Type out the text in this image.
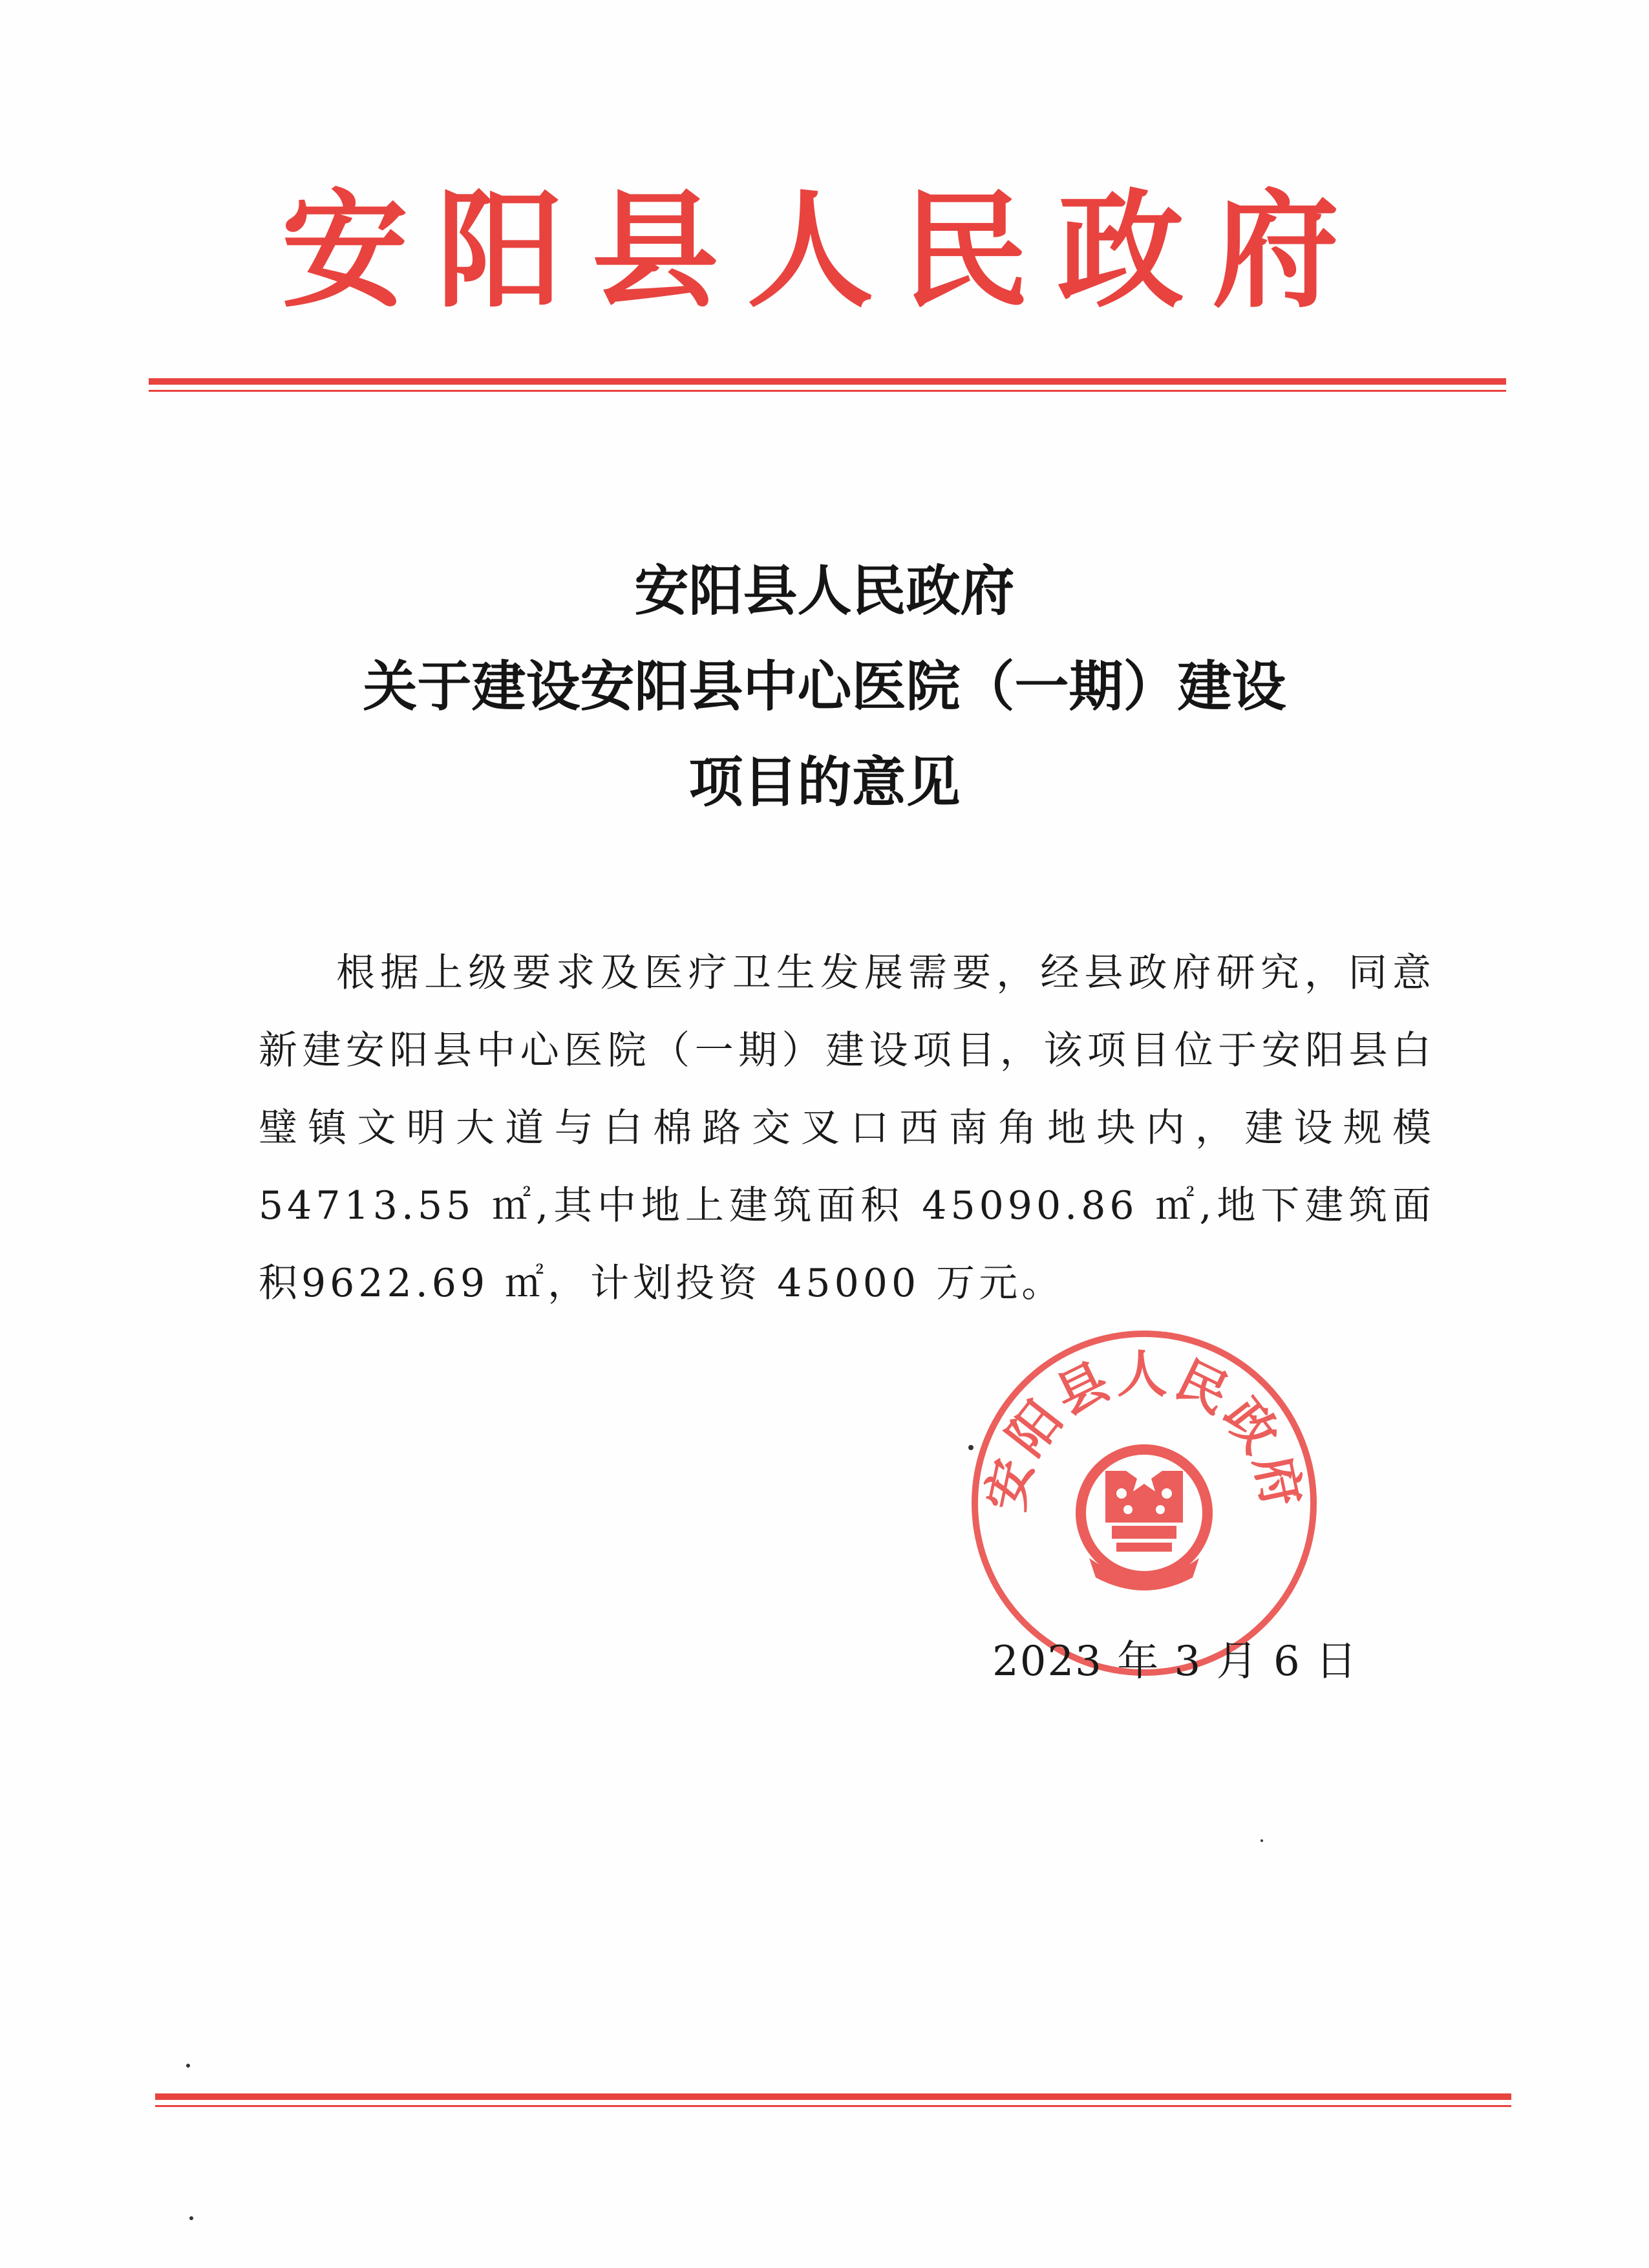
安阳县人民政府
安阳县人民政府
关于建设安阳县中心医院（一期）建设
项目的意见

根据上级要求及医疗卫生发展需要，经县政府研究，同意新建安阳县中心医院（一期）建设项目，该项目位于安阳县白璧镇文明大道与白棉路交叉口西南角地块内，建设规模54713.55 ㎡,其中地上建筑面积 45090.86 ㎡,地下建筑面积9622.69 ㎡，计划投资 45000 万元。

安阳县人民政府
2023 年 3 月 6 日
